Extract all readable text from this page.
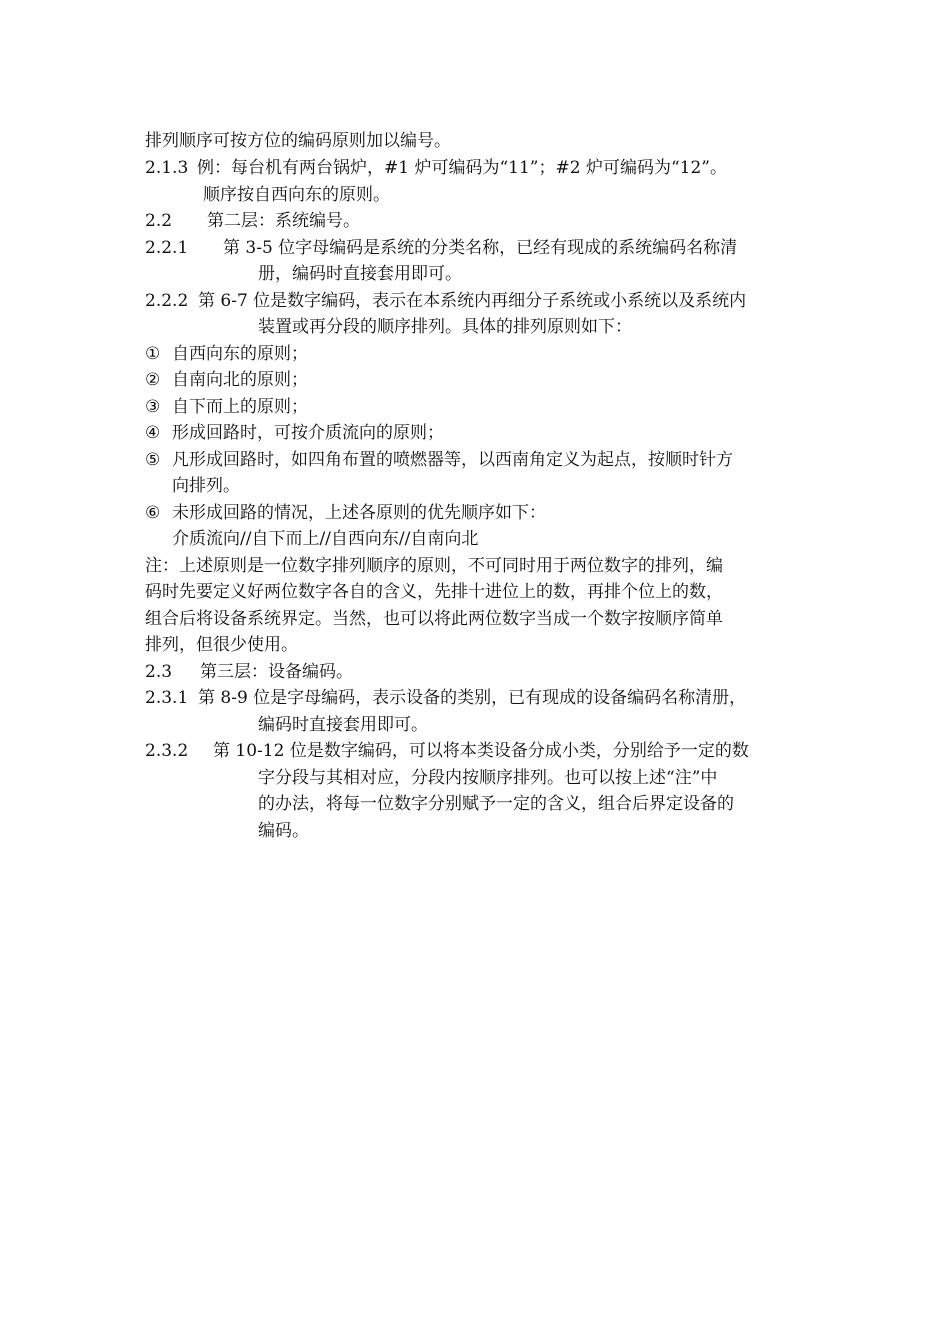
排列顺序可按方位的编码原则加以编号。
2.1.3 例：每台机有两台锅炉，#1 炉可编码为“11”；#2 炉可编码为“12”。
顺序按自西向东的原则。
2.2 第二层：系统编号。
2.2.1 第 3-5 位字母编码是系统的分类名称，已经有现成的系统编码名称清
册，编码时直接套用即可。
2.2.2 第 6-7 位是数字编码，表示在本系统内再细分子系统或小系统以及系统内
装置或再分段的顺序排列。具体的排列原则如下：
① 自西向东的原则；
② 自南向北的原则；
③ 自下而上的原则；
④ 形成回路时，可按介质流向的原则；
⑤ 凡形成回路时，如四角布置的喷燃器等，以西南角定义为起点，按顺时针方
向排列。
⑥ 未形成回路的情况，上述各原则的优先顺序如下：
介质流向//自下而上//自西向东//自南向北
注：上述原则是一位数字排列顺序的原则，不可同时用于两位数字的排列，编
码时先要定义好两位数字各自的含义，先排十进位上的数，再排个位上的数，
组合后将设备系统界定。当然，也可以将此两位数字当成一个数字按顺序简单
排列，但很少使用。
2.3 第三层：设备编码。
2.3.1 第 8-9 位是字母编码，表示设备的类别，已有现成的设备编码名称清册，
编码时直接套用即可。
2.3.2 第 10-12 位是数字编码，可以将本类设备分成小类，分别给予一定的数
字分段与其相对应，分段内按顺序排列。也可以按上述“注”中
的办法，将每一位数字分别赋予一定的含义，组合后界定设备的
编码。
